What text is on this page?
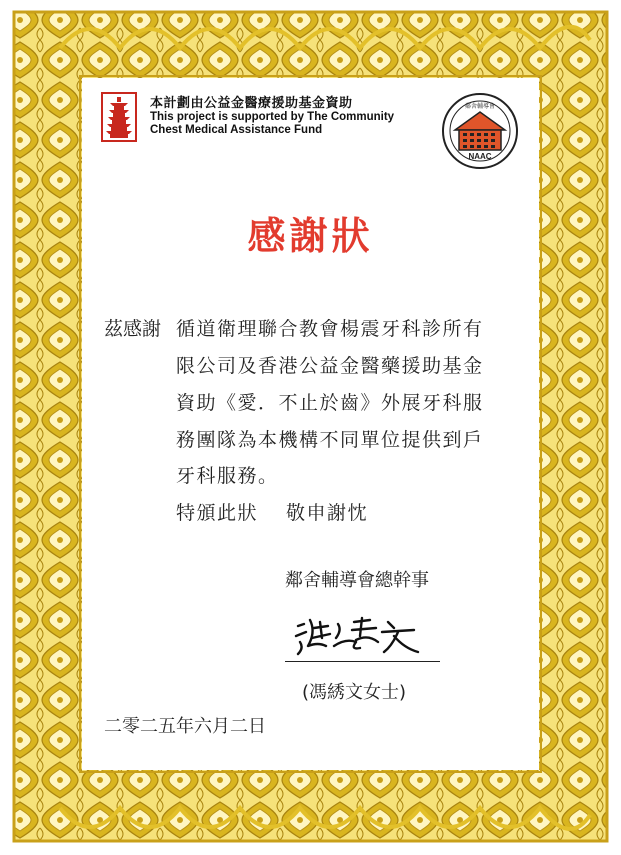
本計劃由公益金醫療援助基金資助
This project is supported by The Community
Chest Medical Assistance Fund
鄰舍輔導會
NAAC
感謝狀
茲感謝 循道衛理聯合教會楊震牙科診所有
限公司及香港公益金醫藥援助基金
資助《愛．不止於齒》外展牙科服
務團隊為本機構不同單位提供到戶
牙科服務。
特頒此狀　 敬申謝忱
鄰舍輔導會總幹事
(馮綉文女士)
二零二五年六月二日
